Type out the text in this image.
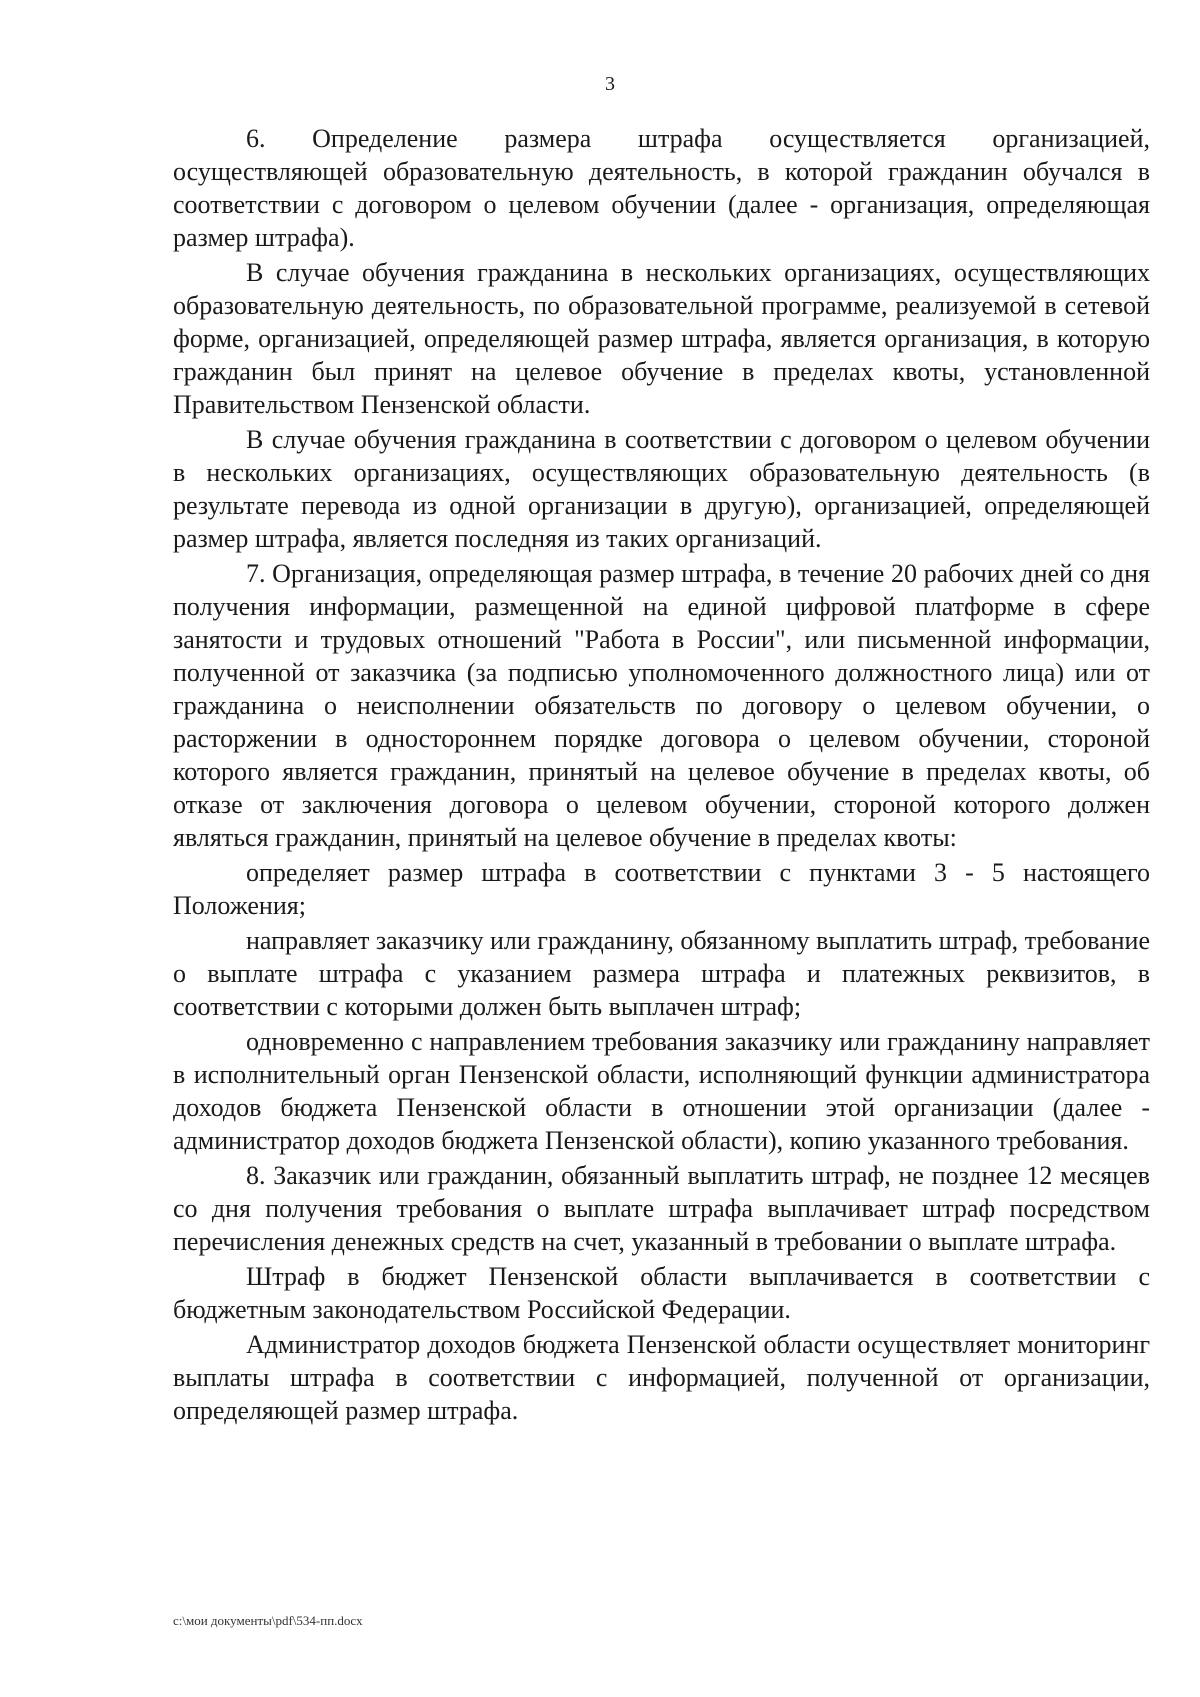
3

6. Определение размера штрафа осуществляется организацией, осуществляющей образовательную деятельность, в которой гражданин обучался в соответствии с договором о целевом обучении (далее - организация, определяющая размер штрафа).

В случае обучения гражданина в нескольких организациях, осуществляющих образовательную деятельность, по образовательной программе, реализуемой в сетевой форме, организацией, определяющей размер штрафа, является организация, в которую гражданин был принят на целевое обучение в пределах квоты, установленной Правительством Пензенской области.

В случае обучения гражданина в соответствии с договором о целевом обучении в нескольких организациях, осуществляющих образовательную деятельность (в результате перевода из одной организации в другую), организацией, определяющей размер штрафа, является последняя из таких организаций.

7. Организация, определяющая размер штрафа, в течение 20 рабочих дней со дня получения информации, размещенной на единой цифровой платформе в сфере занятости и трудовых отношений "Работа в России", или письменной информации, полученной от заказчика (за подписью уполномоченного должностного лица) или от гражданина о неисполнении обязательств по договору о целевом обучении, о расторжении в одностороннем порядке договора о целевом обучении, стороной которого является гражданин, принятый на целевое обучение в пределах квоты, об отказе от заключения договора о целевом обучении, стороной которого должен являться гражданин, принятый на целевое обучение в пределах квоты:

определяет размер штрафа в соответствии с пунктами 3 - 5 настоящего Положения;

направляет заказчику или гражданину, обязанному выплатить штраф, требование о выплате штрафа с указанием размера штрафа и платежных реквизитов, в соответствии с которыми должен быть выплачен штраф;

одновременно с направлением требования заказчику или гражданину направляет в исполнительный орган Пензенской области, исполняющий функции администратора доходов бюджета Пензенской области в отношении этой организации (далее - администратор доходов бюджета Пензенской области), копию указанного требования.

8. Заказчик или гражданин, обязанный выплатить штраф, не позднее 12 месяцев со дня получения требования о выплате штрафа выплачивает штраф посредством перечисления денежных средств на счет, указанный в требовании о выплате штрафа.

Штраф в бюджет Пензенской области выплачивается в соответствии с бюджетным законодательством Российской Федерации.

Администратор доходов бюджета Пензенской области осуществляет мониторинг выплаты штрафа в соответствии с информацией, полученной от организации, определяющей размер штрафа.

c:\мои документы\pdf\534-пп.docx
